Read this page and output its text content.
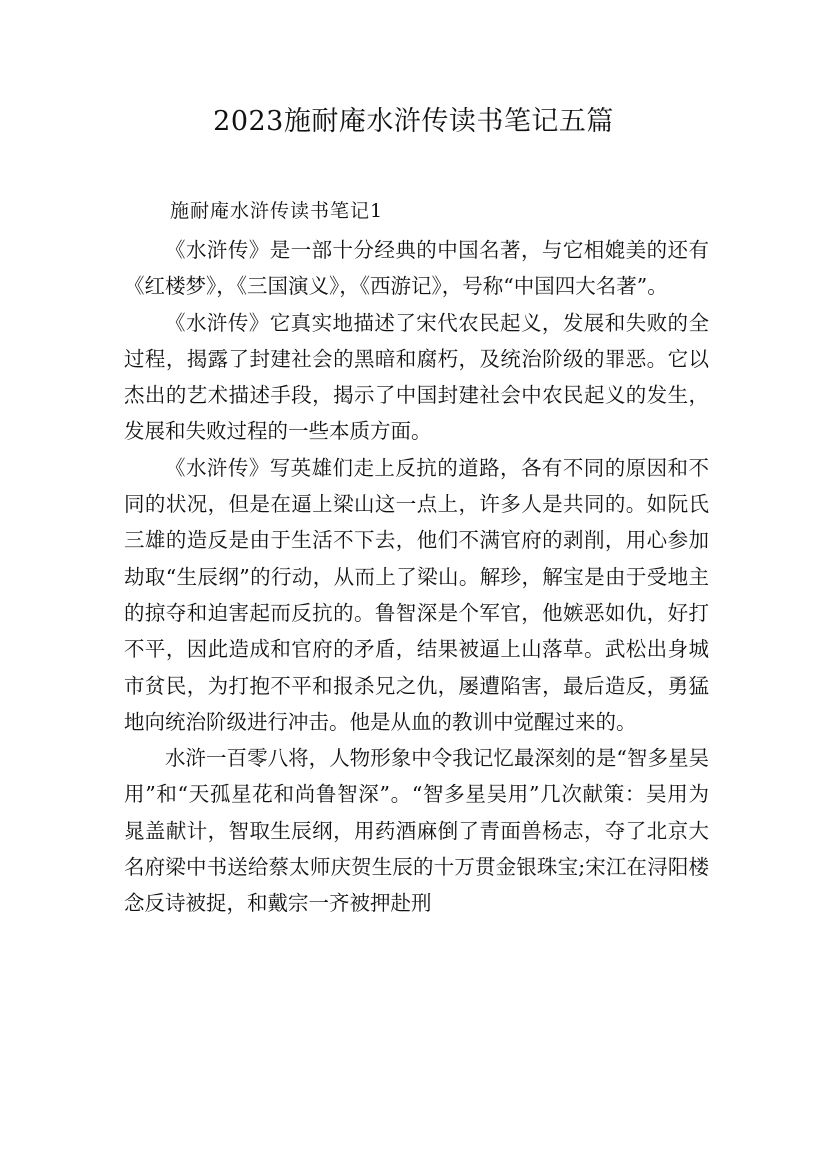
2023施耐庵水浒传读书笔记五篇
施耐庵水浒传读书笔记1

《水浒传》是一部十分经典的中国名著，与它相媲美的还有《红楼梦》，《三国演义》，《西游记》，号称“中国四大名著”。

《水浒传》它真实地描述了宋代农民起义，发展和失败的全过程，揭露了封建社会的黑暗和腐朽，及统治阶级的罪恶。它以杰出的艺术描述手段，揭示了中国封建社会中农民起义的发生，发展和失败过程的一些本质方面。

《水浒传》写英雄们走上反抗的道路，各有不同的原因和不同的状况，但是在逼上梁山这一点上，许多人是共同的。如阮氏三雄的造反是由于生活不下去，他们不满官府的剥削，用心参加劫取“生辰纲”的行动，从而上了梁山。解珍，解宝是由于受地主的掠夺和迫害起而反抗的。鲁智深是个军官，他嫉恶如仇，好打不平，因此造成和官府的矛盾，结果被逼上山落草。武松出身城市贫民，为打抱不平和报杀兄之仇，屡遭陷害，最后造反，勇猛地向统治阶级进行冲击。他是从血的教训中觉醒过来的。

水浒一百零八将，人物形象中令我记忆最深刻的是“智多星吴用”和“天孤星花和尚鲁智深”。“智多星吴用”几次献策：吴用为晁盖献计，智取生辰纲，用药酒麻倒了青面兽杨志，夺了北京大名府梁中书送给蔡太师庆贺生辰的十万贯金银珠宝;宋江在浔阳楼念反诗被捉，和戴宗一齐被押赴刑
